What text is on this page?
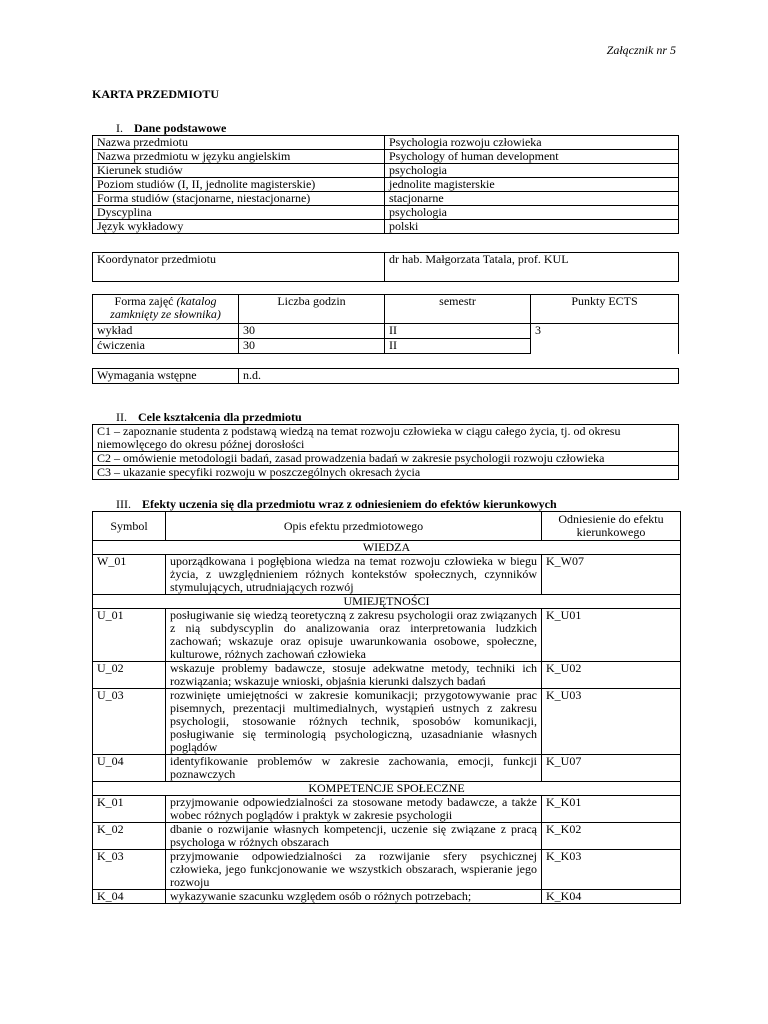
Załącznik nr 5
KARTA PRZEDMIOTU
I. Dane podstawowe
Nazwa przedmiotu	Psychologia rozwoju człowieka
Nazwa przedmiotu w języku angielskim	Psychology of human development
Kierunek studiów	psychologia
Poziom studiów (I, II, jednolite magisterskie)	jednolite magisterskie
Forma studiów (stacjonarne, niestacjonarne)	stacjonarne
Dyscyplina	psychologia
Język wykładowy	polski
Koordynator przedmiotu	dr hab. Małgorzata Tatala, prof. KUL
Forma zajęć (katalog zamknięty ze słownika)	Liczba godzin	semestr	Punkty ECTS
wykład	30	II	3
ćwiczenia	30	II	
Wymagania wstępne	n.d.
II. Cele kształcenia dla przedmiotu
C1 – zapoznanie studenta z podstawą wiedzą na temat rozwoju człowieka w ciągu całego życia, tj. od okresu niemowlęcego do okresu późnej dorosłości
C2 – omówienie metodologii badań, zasad prowadzenia badań w zakresie psychologii rozwoju człowieka
C3 – ukazanie specyfiki rozwoju w poszczególnych okresach życia
III. Efekty uczenia się dla przedmiotu wraz z odniesieniem do efektów kierunkowych
Symbol	Opis efektu przedmiotowego	Odniesienie do efektu kierunkowego
WIEDZA		
W_01	uporządkowana i pogłębiona wiedza na temat rozwoju człowieka w biegu życia, z uwzględnieniem różnych kontekstów społecznych, czynników stymulujących, utrudniających rozwój	K_W07
UMIEJĘTNOŚCI		
U_01	posługiwanie się wiedzą teoretyczną z zakresu psychologii oraz związanych z nią subdyscyplin do analizowania oraz interpretowania ludzkich zachowań; wskazuje oraz opisuje uwarunkowania osobowe, społeczne, kulturowe, różnych zachowań człowieka	K_U01
U_02	wskazuje problemy badawcze, stosuje adekwatne metody, techniki ich rozwiązania; wskazuje wnioski, objaśnia kierunki dalszych badań	K_U02
U_03	rozwinięte umiejętności w zakresie komunikacji; przygotowywanie prac pisemnych, prezentacji multimedialnych, wystąpień ustnych z zakresu psychologii, stosowanie różnych technik, sposobów komunikacji, posługiwanie się terminologią psychologiczną, uzasadnianie własnych poglądów	K_U03
U_04	identyfikowanie problemów w zakresie zachowania, emocji, funkcji poznawczych	K_U07
KOMPETENCJE SPOŁECZNE		
K_01	przyjmowanie odpowiedzialności za stosowane metody badawcze, a także wobec różnych poglądów i praktyk w zakresie psychologii	K_K01
K_02	dbanie o rozwijanie własnych kompetencji, uczenie się związane z pracą psychologa w różnych obszarach	K_K02
K_03	przyjmowanie odpowiedzialności za rozwijanie sfery psychicznej człowieka, jego funkcjonowanie we wszystkich obszarach, wspieranie jego rozwoju	K_K03
K_04	wykazywanie szacunku względem osób o różnych potrzebach;	K_K04
